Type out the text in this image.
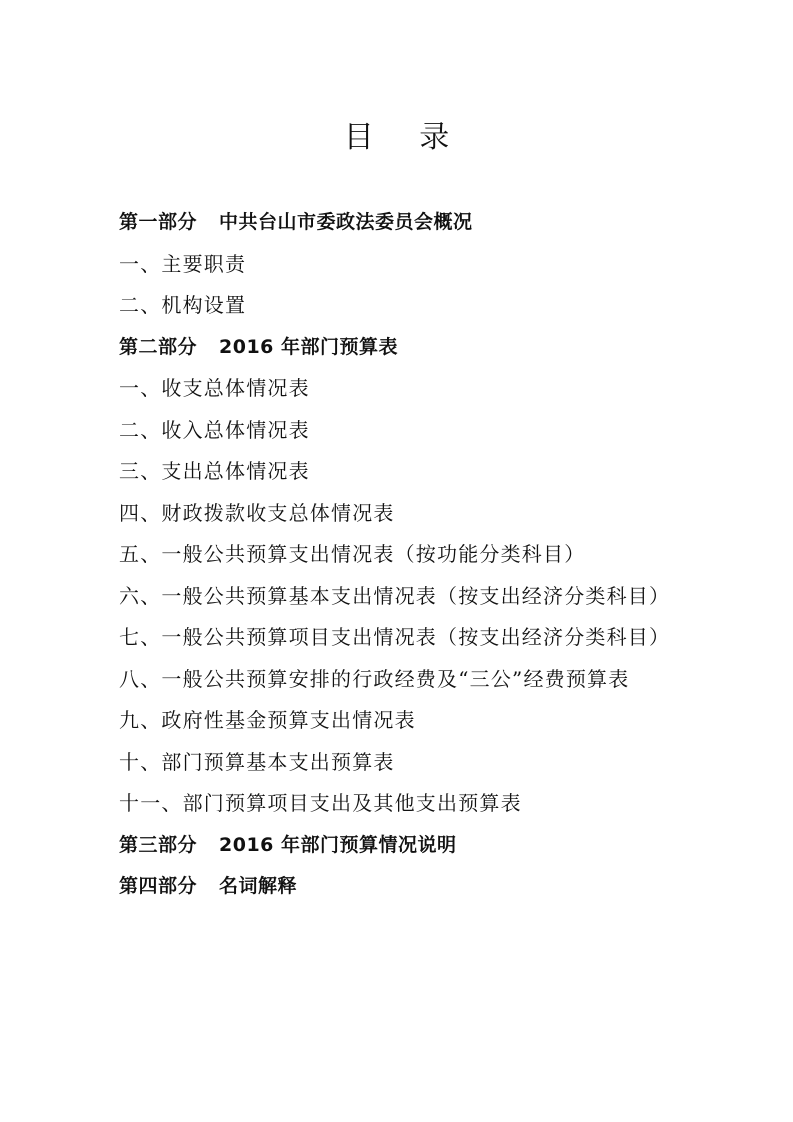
目 录
第一部分 中共台山市委政法委员会概况
一、主要职责
二、机构设置
第二部分 2016 年部门预算表
一、收支总体情况表
二、收入总体情况表
三、支出总体情况表
四、财政拨款收支总体情况表
五、一般公共预算支出情况表（按功能分类科目）
六、一般公共预算基本支出情况表（按支出经济分类科目）
七、一般公共预算项目支出情况表（按支出经济分类科目）
八、一般公共预算安排的行政经费及“三公”经费预算表
九、政府性基金预算支出情况表
十、部门预算基本支出预算表
十一、部门预算项目支出及其他支出预算表
第三部分 2016 年部门预算情况说明
第四部分 名词解释
